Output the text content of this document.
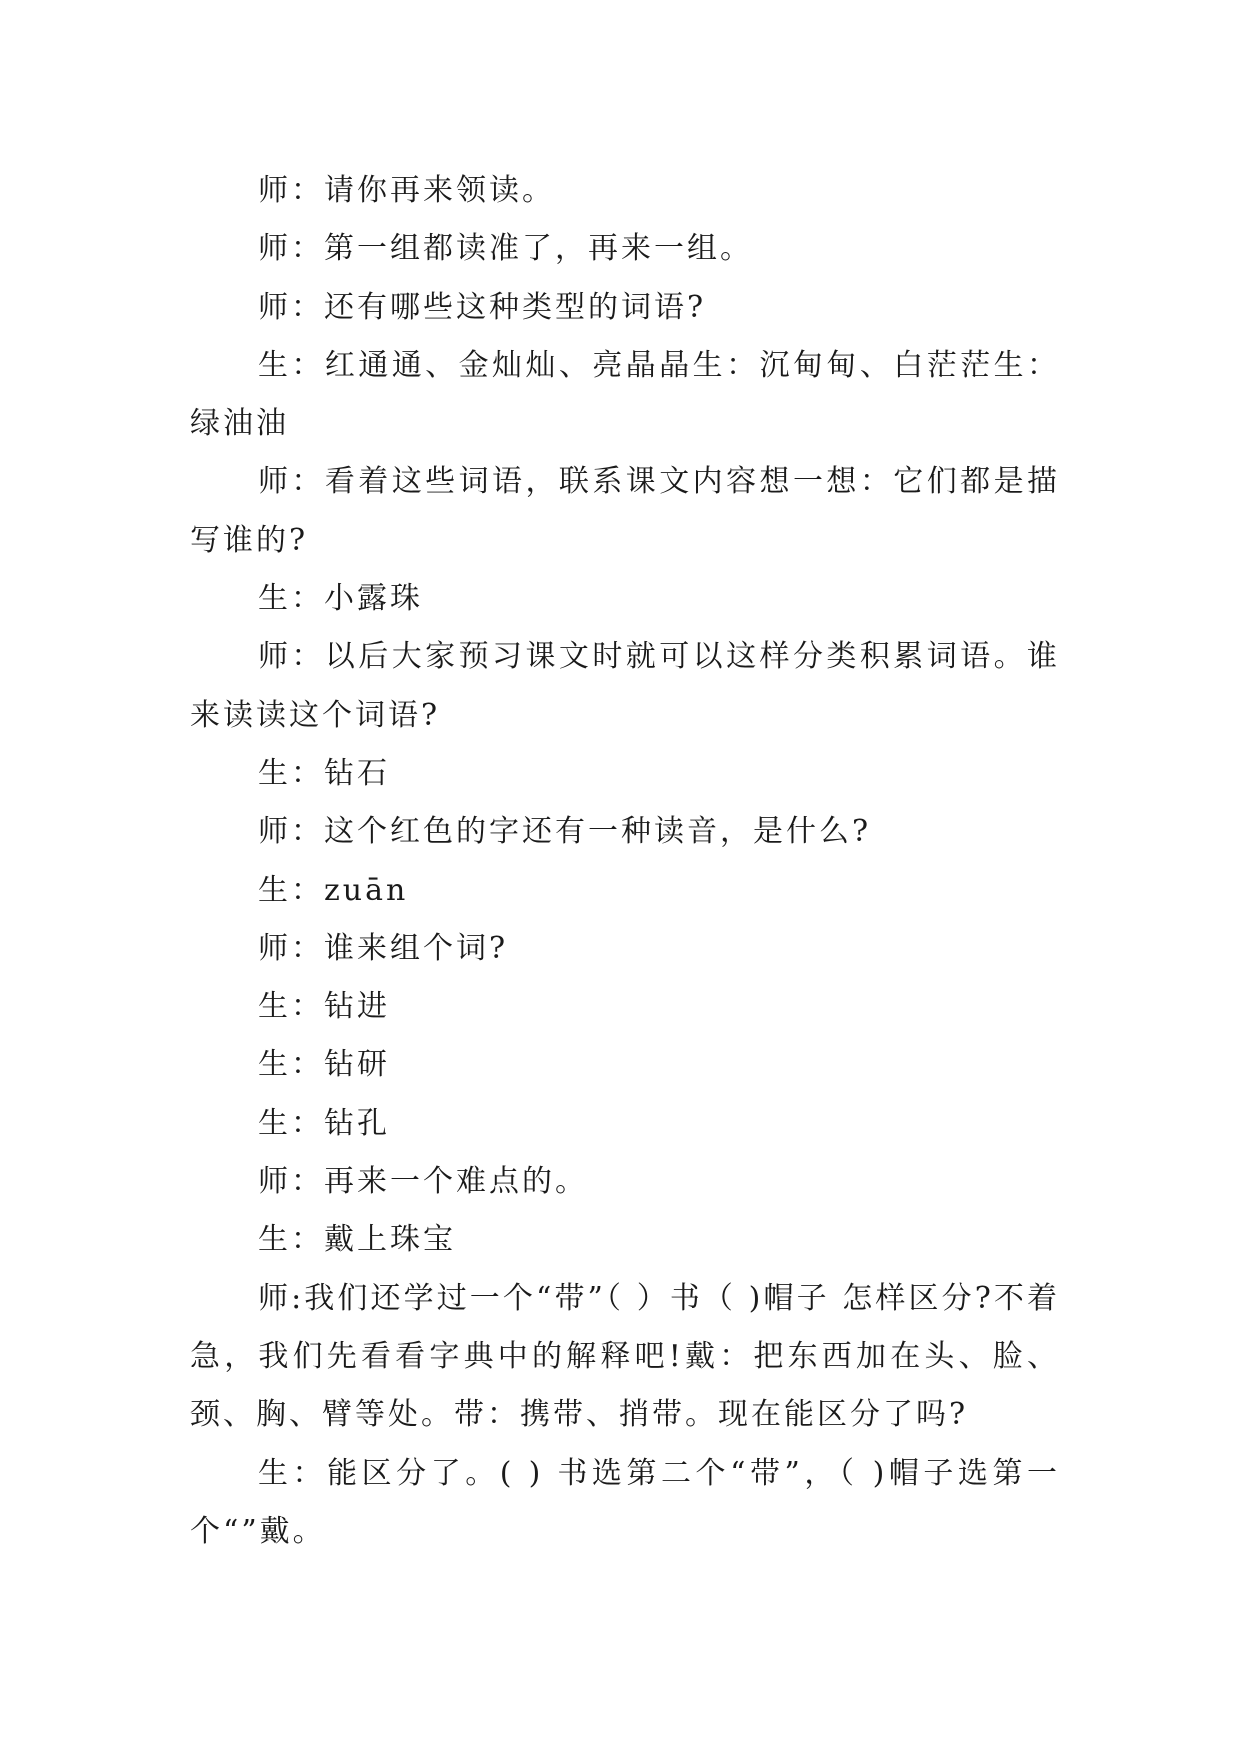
师：请你再来领读。

师：第一组都读准了，再来一组。

师：还有哪些这种类型的词语?

生：红通通、金灿灿、亮晶晶生：沉甸甸、白茫茫生：绿油油

师：看着这些词语，联系课文内容想一想：它们都是描写谁的?

生：小露珠

师：以后大家预习课文时就可以这样分类积累词语。谁来读读这个词语?

生：钻石

师：这个红色的字还有一种读音，是什么?

生：zuān

师：谁来组个词?

生：钻进

生：钻研

生：钻孔

师：再来一个难点的。

生：戴上珠宝

师:我们还学过一个“带”（ ）书（ )帽子 怎样区分?不着急，我们先看看字典中的解释吧!戴：把东西加在头、脸、颈、胸、臂等处。带：携带、捎带。现在能区分了吗?

生：能区分了。( ) 书选第二个“带”，（ )帽子选第一个“”戴。
